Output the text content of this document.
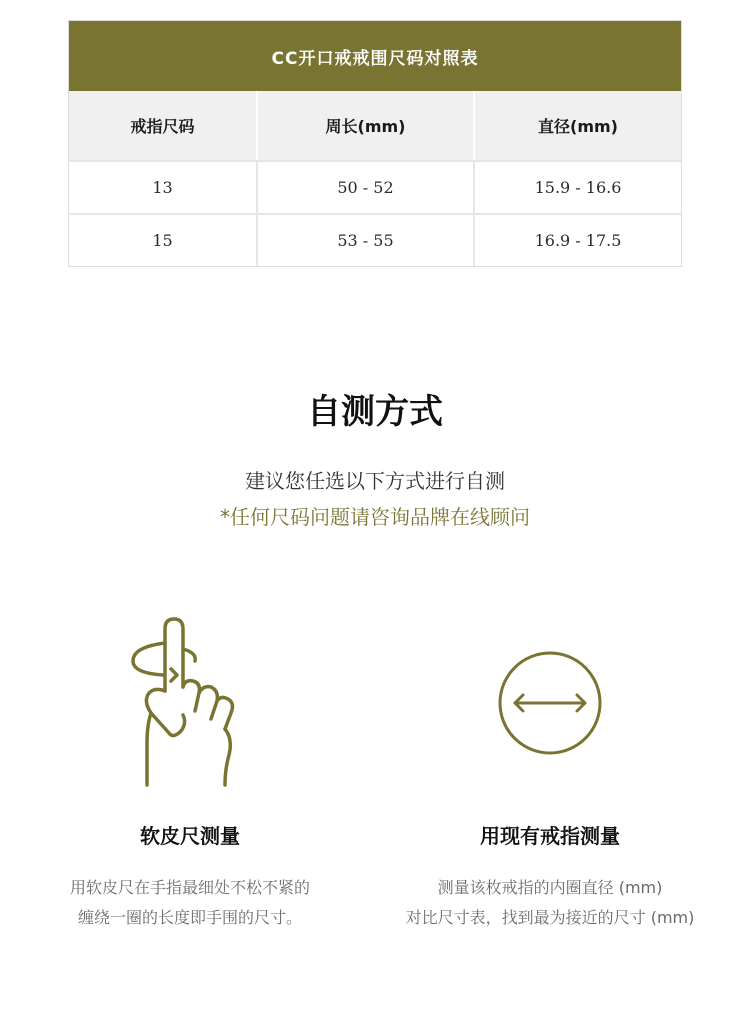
CC开口戒戒围尺码对照表
戒指尺码	周长(mm)	直径(mm)
13	50 - 52	15.9 - 16.6
15	53 - 55	16.9 - 17.5
自测方式
建议您任选以下方式进行自测
*任何尺码问题请咨询品牌在线顾问
软皮尺测量
用软皮尺在手指最细处不松不紧的
缠绕一圈的长度即手围的尺寸。
用现有戒指测量
测量该枚戒指的内圈直径 (mm)
对比尺寸表，找到最为接近的尺寸 (mm)
